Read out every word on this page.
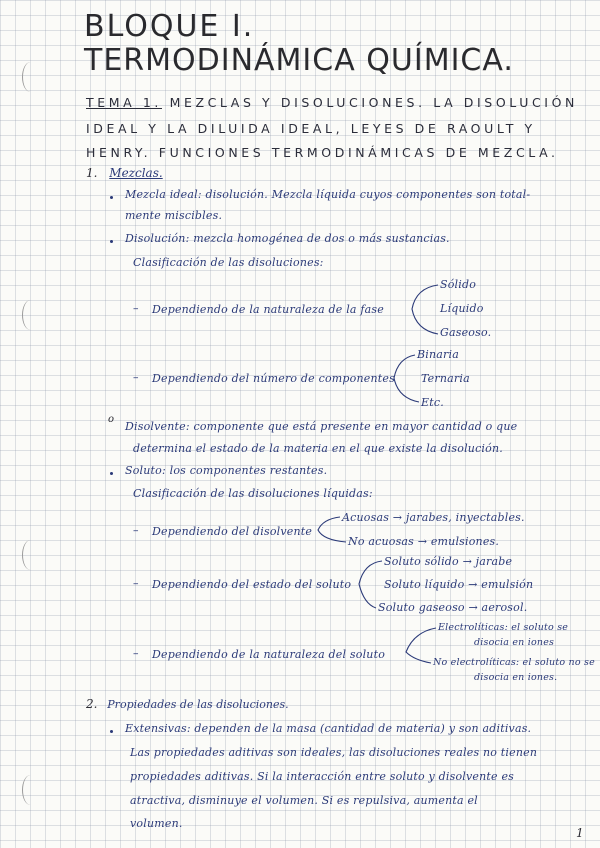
BLOQUE I.
TERMODINÁMICA QUÍMICA.
TEMA 1. MEZCLAS Y DISOLUCIONES. LA DISOLUCIÓN
IDEAL Y LA DILUIDA IDEAL, LEYES DE RAOULT Y
HENRY. FUNCIONES TERMODINÁMICAS DE MEZCLA.
1. Mezclas.
Mezcla ideal: disolución. Mezcla líquida cuyos componentes son total-
mente miscibles.
Disolución: mezcla homogénea de dos o más sustancias.
Clasificación de las disoluciones:
– Dependiendo de la naturaleza de la fase
Sólido
Líquido
Gaseoso.
– Dependiendo del número de componentes
Binaria
Ternaria
Etc.
o
Disolvente: componente que está presente en mayor cantidad o que
determina el estado de la materia en el que existe la disolución.
Soluto: los componentes restantes.
Clasificación de las disoluciones líquidas:
– Dependiendo del disolvente
Acuosas → jarabes, inyectables.
No acuosas → emulsiones.
– Dependiendo del estado del soluto
Soluto sólido → jarabe
Soluto líquido → emulsión
Soluto gaseoso → aerosol.
– Dependiendo de la naturaleza del soluto
Electrolíticas: el soluto se
disocia en iones
No electrolíticas: el soluto no se
disocia en iones.
2. Propiedades de las disoluciones.
Extensivas: dependen de la masa (cantidad de materia) y son aditivas.
Las propiedades aditivas son ideales, las disoluciones reales no tienen
propiedades aditivas. Si la interacción entre soluto y disolvente es
atractiva, disminuye el volumen. Si es repulsiva, aumenta el
volumen.
1
